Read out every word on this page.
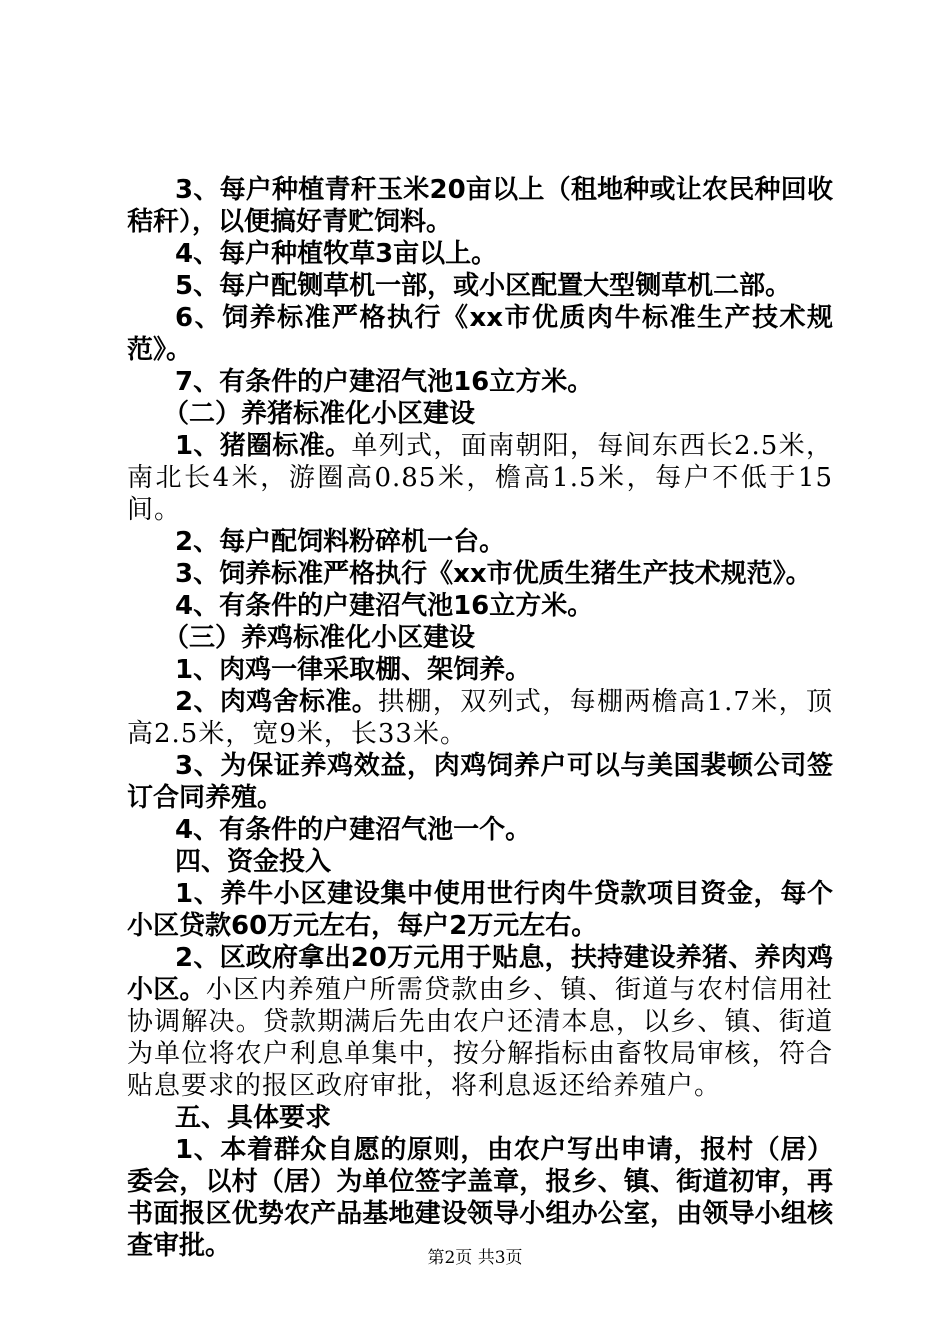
3、每户种植青秆玉米20亩以上（租地种或让农民种回收秸秆），以便搞好青贮饲料。

4、每户种植牧草3亩以上。

5、每户配铡草机一部，或小区配置大型铡草机二部。

6、饲养标准严格执行《xx市优质肉牛标准生产技术规范》。

7、有条件的户建沼气池16立方米。

（二）养猪标准化小区建设

1、猪圈标准。单列式，面南朝阳，每间东西长2.5米，南北长4米，游圈高0.85米，檐高1.5米，每户不低于15间。

2、每户配饲料粉碎机一台。

3、饲养标准严格执行《xx市优质生猪生产技术规范》。

4、有条件的户建沼气池16立方米。

（三）养鸡标准化小区建设

1、肉鸡一律采取棚、架饲养。

2、肉鸡舍标准。拱棚，双列式，每棚两檐高1.7米，顶高2.5米，宽9米，长33米。

3、为保证养鸡效益，肉鸡饲养户可以与美国裴顿公司签订合同养殖。

4、有条件的户建沼气池一个。

四、资金投入

1、养牛小区建设集中使用世行肉牛贷款项目资金，每个小区贷款60万元左右，每户2万元左右。

2、区政府拿出20万元用于贴息，扶持建设养猪、养肉鸡小区。小区内养殖户所需贷款由乡、镇、街道与农村信用社协调解决。贷款期满后先由农户还清本息，以乡、镇、街道为单位将农户利息单集中，按分解指标由畜牧局审核，符合贴息要求的报区政府审批，将利息返还给养殖户。

五、具体要求

1、本着群众自愿的原则，由农户写出申请，报村（居）委会，以村（居）为单位签字盖章，报乡、镇、街道初审，再书面报区优势农产品基地建设领导小组办公室，由领导小组核查审批。	第2页 共3页
